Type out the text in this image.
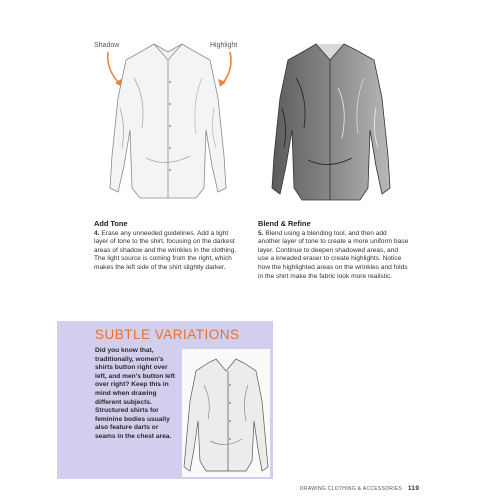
Shadow	Highlight
Add Tone
4. Erase any unneeded guidelines. Add a light layer of tone to the shirt, focusing on the darkest areas of shadow and the wrinkles in the clothing. The light source is coming from the right, which makes the left side of the shirt slightly darker.
Blend & Refine
5. Blend using a blending tool, and then add another layer of tone to create a more uniform base layer. Continue to deepen shadowed areas, and use a kneaded eraser to create highlights. Notice how the highlighted areas on the wrinkles and folds in the shirt make the fabric look more realistic.
SUBTLE VARIATIONS
Did you know that, traditionally, women's shirts button right over left, and men's button left over right? Keep this in mind when drawing different subjects. Structured shirts for feminine bodies usually also feature darts or seams in the chest area.
DRAWING CLOTHING & ACCESSORIES 119
